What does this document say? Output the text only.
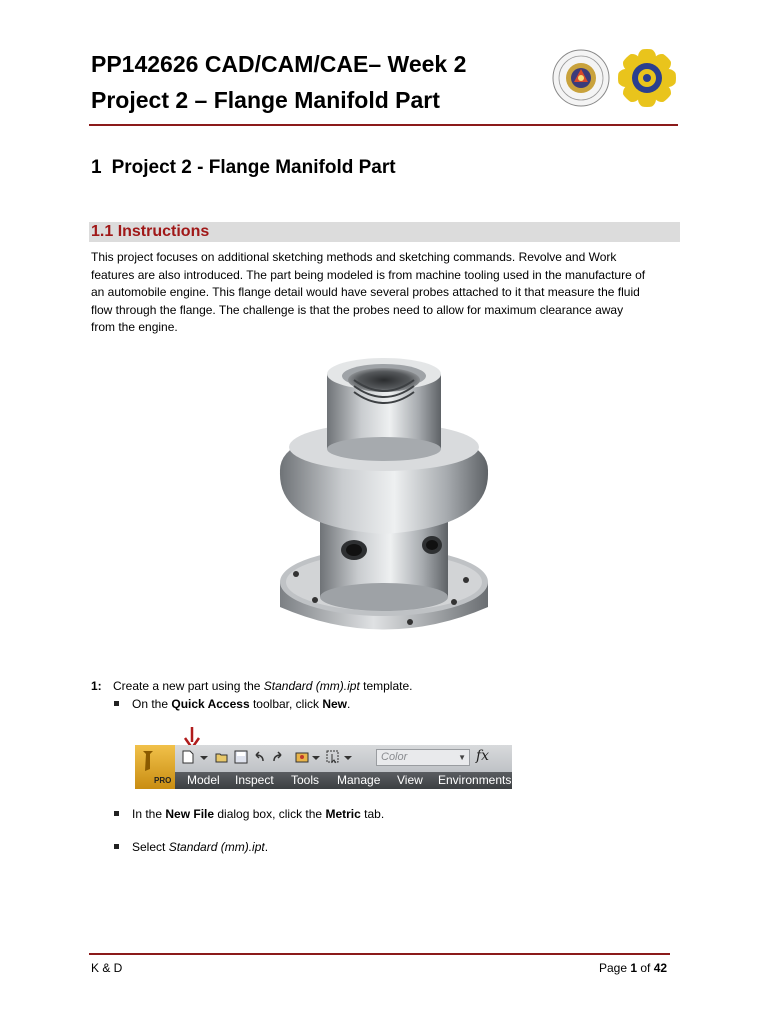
PP142626 CAD/CAM/CAE– Week 2
Project 2 – Flange Manifold Part
1 Project 2 - Flange Manifold Part
1.1 Instructions
This project focuses on additional sketching methods and sketching commands. Revolve and Work
features are also introduced. The part being modeled is from machine tooling used in the manufacture of
an automobile engine. This flange detail would have several probes attached to it that measure the fluid
flow through the flange. The challenge is that the probes need to allow for maximum clearance away
from the engine.
1: Create a new part using the Standard (mm).ipt template.
On the Quick Access toolbar, click New.
PRO
Color	▼ fx
Model Inspect Tools Manage View Environments
In the New File dialog box, click the Metric tab.
Select Standard (mm).ipt.
K & D	Page 1 of 42
